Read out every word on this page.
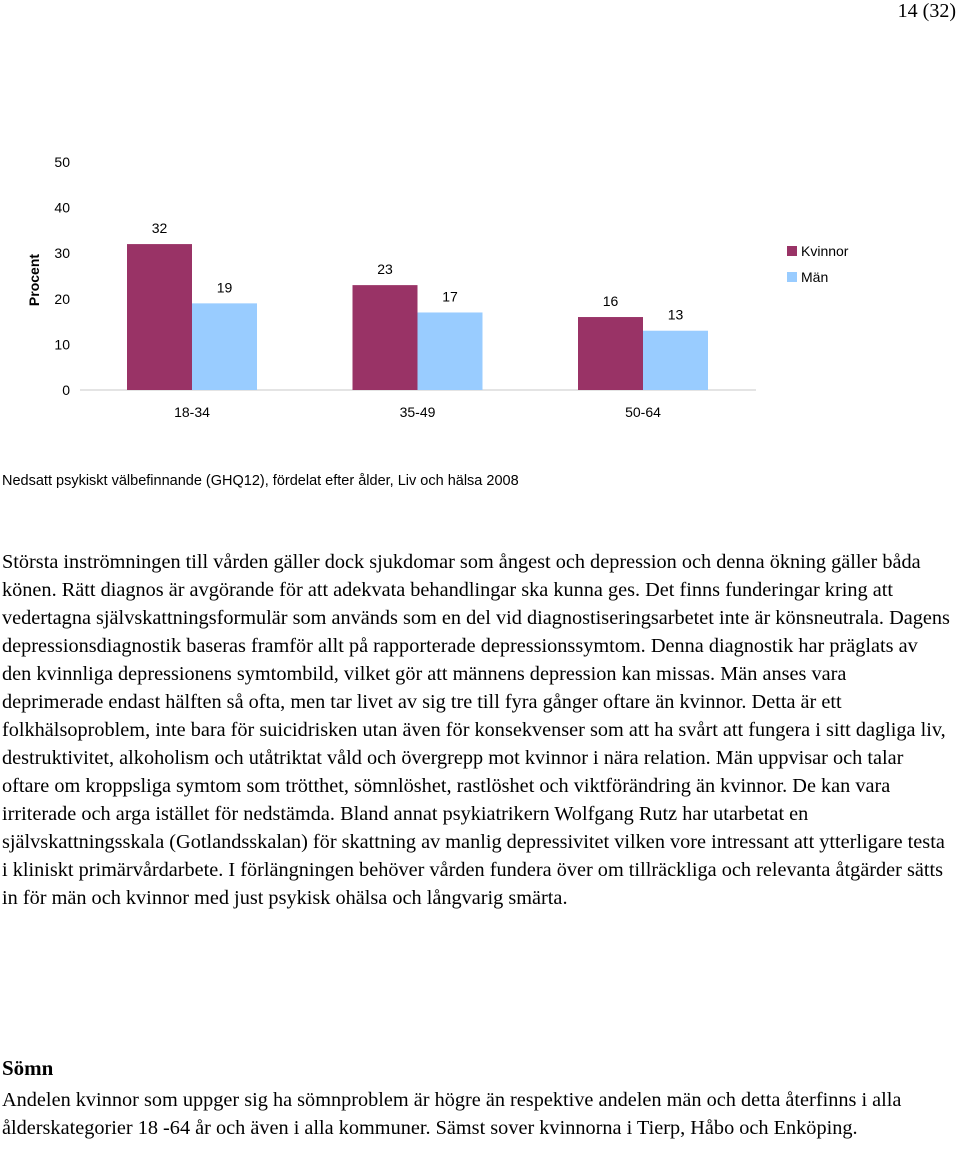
14 (32)
0
10
20
30
40
50
Procent
32
19
23
17	16
13
18-34	35-49	50-64
Kvinnor
Män
Nedsatt psykiskt välbefinnande (GHQ12), fördelat efter ålder, Liv och hälsa 2008

Största inströmningen till vården gäller dock sjukdomar som ångest och depression och denna ökning gäller båda könen. Rätt diagnos är avgörande för att adekvata behandlingar ska kunna ges. Det finns funderingar kring att vedertagna självskattningsformulär som används som en del vid diagnostiseringsarbetet inte är könsneutrala. Dagens depressionsdiagnostik baseras framför allt på rapporterade depressionssymtom. Denna diagnostik har präglats av den kvinnliga depressionens symtombild, vilket gör att männens depression kan missas. Män anses vara deprimerade endast hälften så ofta, men tar livet av sig tre till fyra gånger oftare än kvinnor. Detta är ett folkhälsoproblem, inte bara för suicidrisken utan även för konsekvenser som att ha svårt att fungera i sitt dagliga liv, destruktivitet, alkoholism och utåtriktat våld och övergrepp mot kvinnor i nära relation. Män uppvisar och talar oftare om kroppsliga symtom som trötthet, sömnlöshet, rastlöshet och viktförändring än kvinnor. De kan vara irriterade och arga istället för nedstämda. Bland annat psykiatrikern Wolfgang Rutz har utarbetat en självskattningsskala (Gotlandsskalan) för skattning av manlig depressivitet vilken vore intressant att ytterligare testa i kliniskt primärvårdarbete. I förlängningen behöver vården fundera över om tillräckliga och relevanta åtgärder sätts in för män och kvinnor med just psykisk ohälsa och långvarig smärta.

Sömn

Andelen kvinnor som uppger sig ha sömnproblem är högre än respektive andelen män och detta återfinns i alla ålderskategorier 18 -64 år och även i alla kommuner. Sämst sover kvinnorna i Tierp, Håbo och Enköping.
